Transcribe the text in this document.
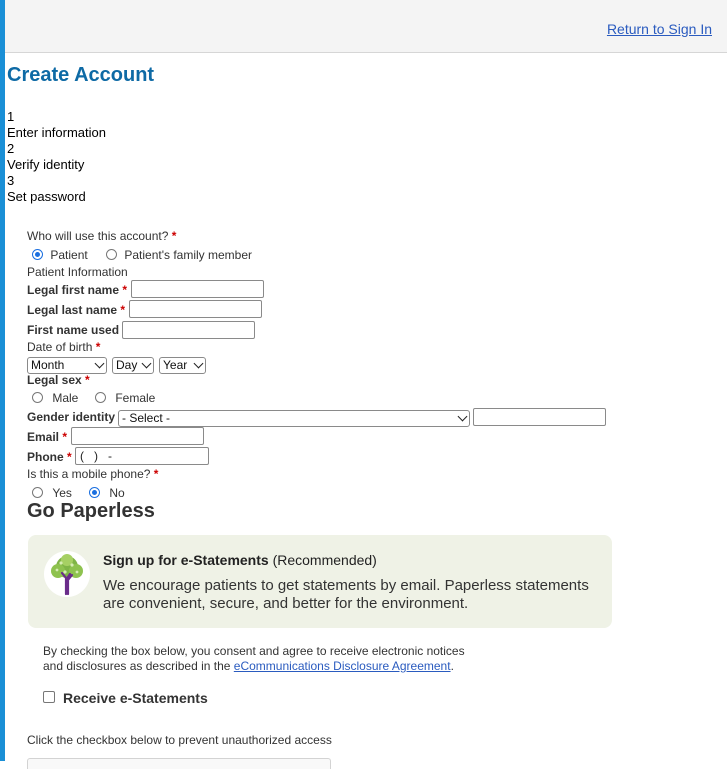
Return to Sign In
Create Account
1
Enter information
2
Verify identity
3
Set password
Who will use this account? *
Patient	Patient's family member
Patient Information
Legal first name *
Legal last name *
First name used
Date of birth *
Month	Day	Year
Legal sex *
Male	Female
Gender identity - Select -
Email *
Phone * (   )   -
Is this a mobile phone? *
Yes	No
Go Paperless
Sign up for e-Statements (Recommended)
We encourage patients to get statements by email. Paperless statements are convenient, secure, and better for the environment.
By checking the box below, you consent and agree to receive electronic notices and disclosures as described in the eCommunications Disclosure Agreement.
Receive e-Statements
Click the checkbox below to prevent unauthorized access
